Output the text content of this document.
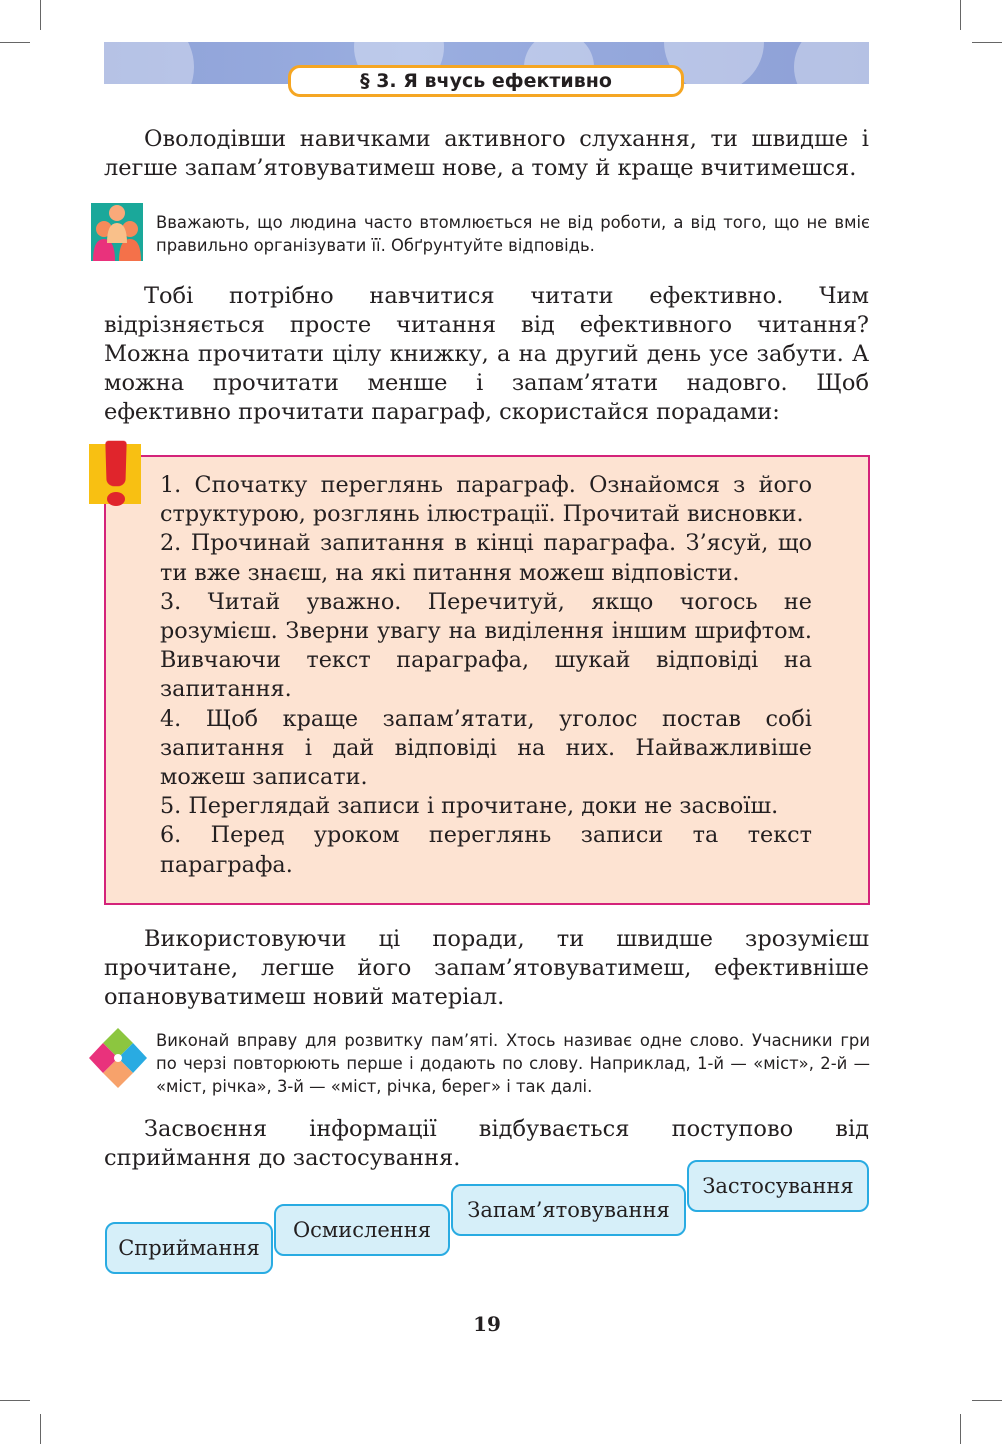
§ 3. Я вчусь ефективно

Оволодівши навичками активного слухання, ти швидше і легше запам’ятовуватимеш нове, а тому й краще вчитимешся.

Вважають, що людина часто втомлюється не від роботи, а від того, що не вміє правильно організувати її. Обґрунтуйте відповідь.

Тобі потрібно навчитися читати ефективно. Чим відрізняється просте читання від ефективного читання? Можна прочитати цілу книжку, а на другий день усе забути. А можна прочитати менше і запам’ятати надовго. Щоб ефективно прочитати параграф, скористайся порадами:

1. Спочатку переглянь параграф. Ознайомся з його структурою, розглянь ілюстрації. Прочитай висновки.
2. Прочинай запитання в кінці параграфа. З’ясуй, що ти вже знаєш, на які питання можеш відповісти.
3. Читай уважно. Перечитуй, якщо чогось не розумієш. Зверни увагу на виділення іншим шрифтом. Вивчаючи текст параграфа, шукай відповіді на запитання.
4. Щоб краще запам’ятати, уголос постав собі запитання і дай відповіді на них. Найважливіше можеш записати.
5. Переглядай записи і прочитане, доки не засвоїш.
6. Перед уроком переглянь записи та текст параграфа.

Використовуючи ці поради, ти швидше зрозумієш прочитане, легше його запам’ятовуватимеш, ефективніше опановуватимеш новий матеріал.

Виконай вправу для розвитку пам’яті. Хтось називає одне слово. Учасники гри по черзі повторюють перше і додають по слову. Наприклад, 1-й — «міст», 2-й — «міст, річка», 3-й — «міст, річка, берег» і так далі.

Засвоєння інформації відбувається поступово від сприймання до застосування.

Сприймання
Осмислення
Запам’ятовування
Застосування
19
